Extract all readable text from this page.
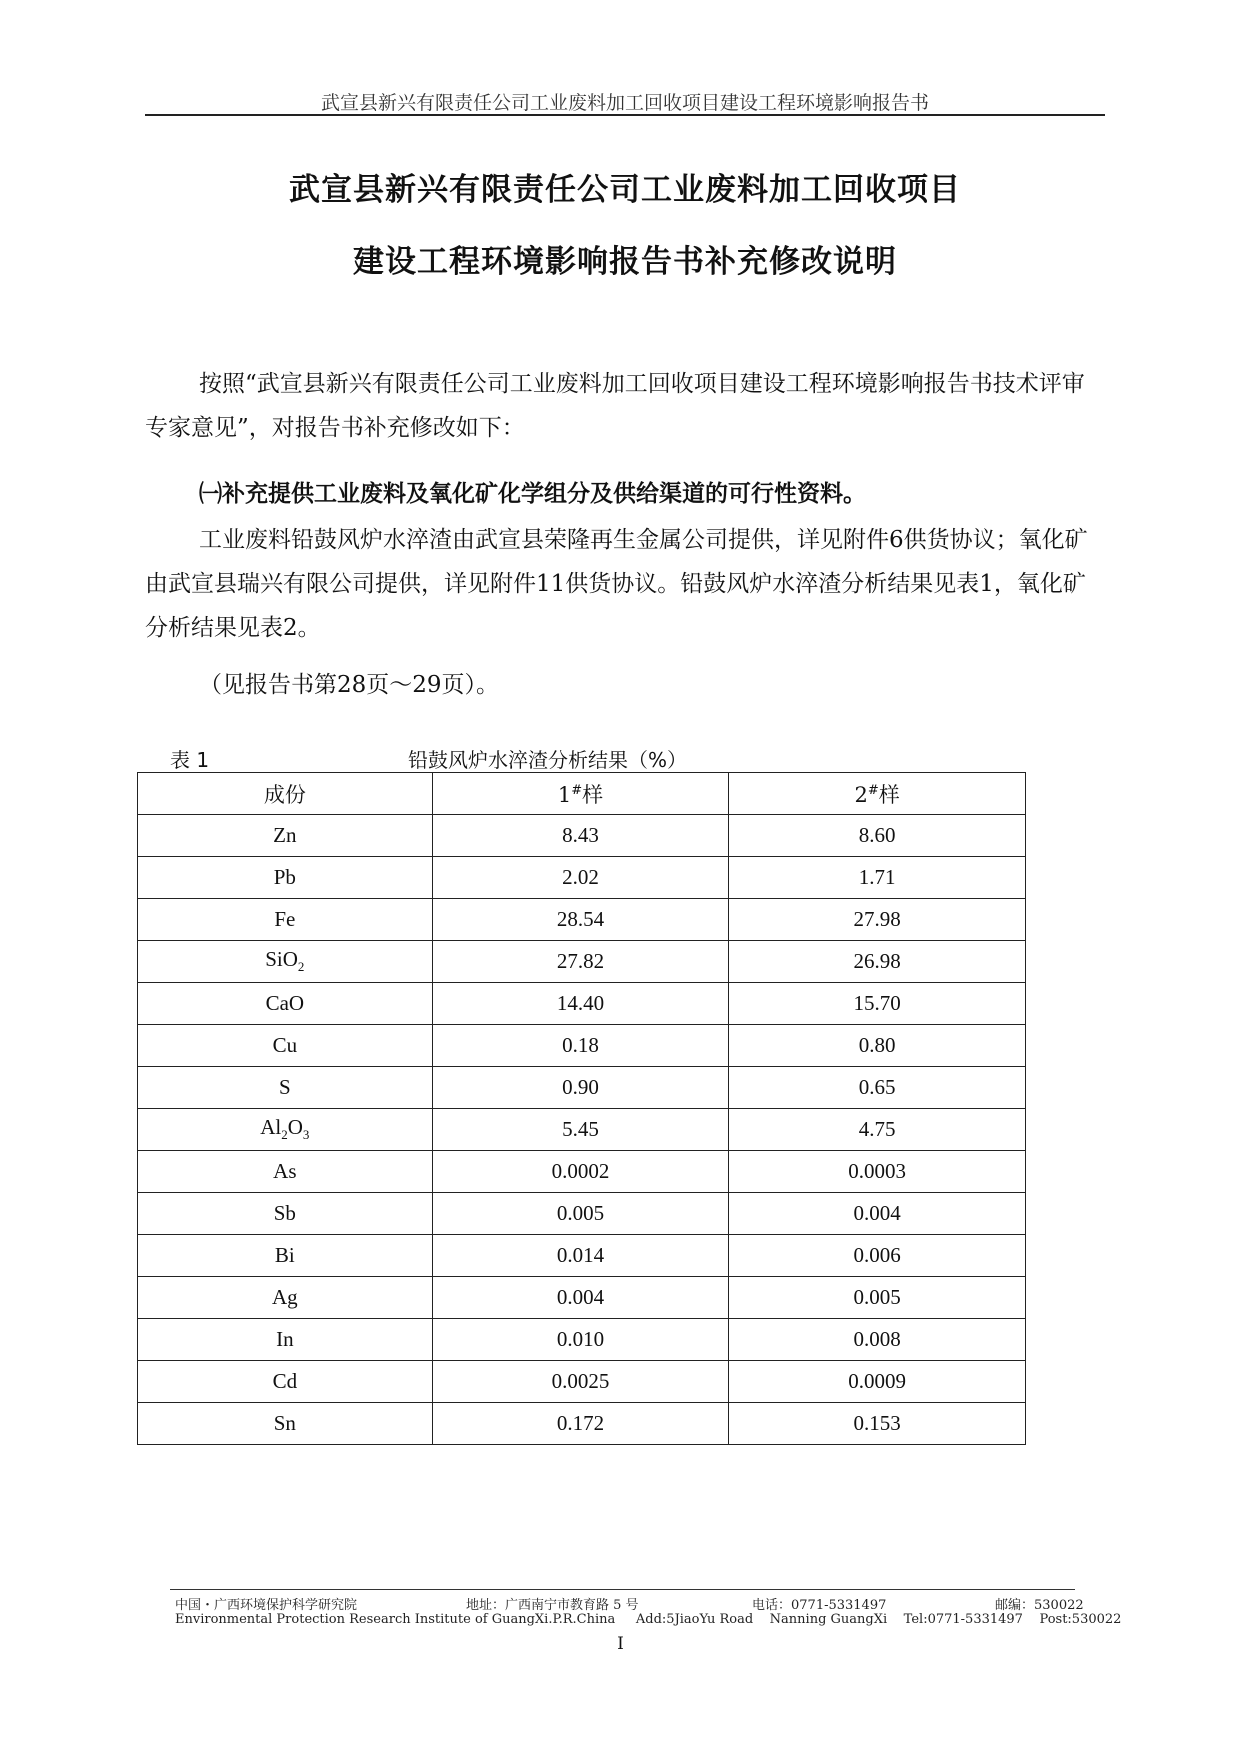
武宣县新兴有限责任公司工业废料加工回收项目建设工程环境影响报告书
武宣县新兴有限责任公司工业废料加工回收项目
建设工程环境影响报告书补充修改说明
按照“武宣县新兴有限责任公司工业废料加工回收项目建设工程环境影响报告书技术评审专家意见”，对报告书补充修改如下：
㈠补充提供工业废料及氧化矿化学组分及供给渠道的可行性资料。
工业废料铅鼓风炉水淬渣由武宣县荣隆再生金属公司提供，详见附件6供货协议；氧化矿由武宣县瑞兴有限公司提供，详见附件11供货协议。铅鼓风炉水淬渣分析结果见表1，氧化矿分析结果见表2。
（见报告书第28页～29页）。
表 1	铅鼓风炉水淬渣分析结果（%）
成份	1#样	2#样
Zn	8.43	8.60
Pb	2.02	1.71
Fe	28.54	27.98
SiO$_2$	27.82	26.98
CaO	14.40	15.70
Cu	0.18	0.80
S	0.90	0.65
$Al_2O_3$	5.45	4.75
As	0.0002	0.0003
Sb	0.005	0.004
Bi	0.014	0.006
Ag	0.004	0.005
In	0.010	0.008
Cd	0.0025	0.0009
Sn	0.172	0.153
中国・广西环境保护科学研究院	地址：广西南宁市教育路 5 号	电话：0771-5331497	邮编：530022
Environmental Protection Research Institute of GuangXi.P.R.China     Add:5JiaoYu Road    Nanning GuangXi    Tel:0771-5331497    Post:530022
I
